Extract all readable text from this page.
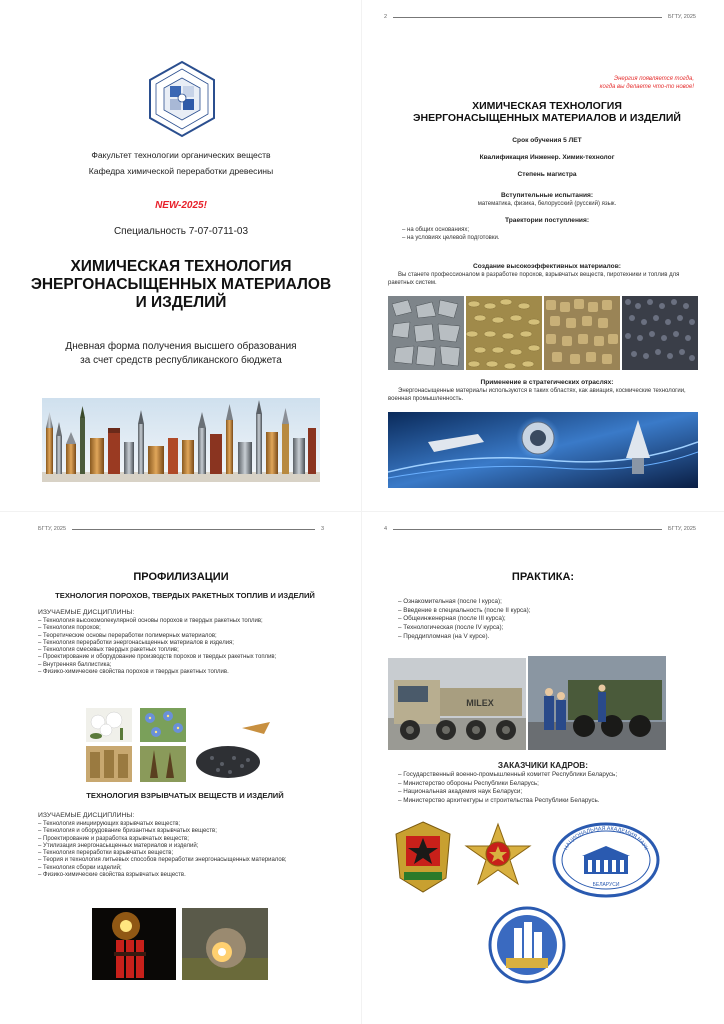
Факультет технологии органических веществ
Кафедра химической переработки древесины
NEW-2025!
Специальность 7-07-0711-03
ХИМИЧЕСКАЯ ТЕХНОЛОГИЯ
ЭНЕРГОНАСЫЩЕННЫХ МАТЕРИАЛОВ
И ИЗДЕЛИЙ
Дневная форма получения высшего образования
за счет средств республиканского бюджета
2	БГТУ, 2025
Энергия появляется тогда,
когда вы делаете что-то новое!
ХИМИЧЕСКАЯ ТЕХНОЛОГИЯ
ЭНЕРГОНАСЫЩЕННЫХ МАТЕРИАЛОВ И ИЗДЕЛИЙ
Срок обучения 5 ЛЕТ
Квалификация Инженер. Химик-технолог
Степень магистра
Вступительные испытания:
математика, физика, белорусский (русский) язык.
Траектории поступления:
– на общих основаниях;
– на условиях целевой подготовки.
Создание высокоэффективных материалов:
Вы станете профессионалом в разработке порохов, взрывчатых веществ, пиротехники и топлив для ракетных систем.
Применение в стратегических отраслях:
Энергонасыщенные материалы используются в таких областях, как авиация, космические технологии, военная промышленность.
БГТУ, 2025	3
ПРОФИЛИЗАЦИИ
ТЕХНОЛОГИЯ ПОРОХОВ, ТВЕРДЫХ РАКЕТНЫХ ТОПЛИВ И ИЗДЕЛИЙ
ИЗУЧАЕМЫЕ ДИСЦИПЛИНЫ:
– Технология высокомолекулярной основы порохов и твердых ракетных топлив;
– Технология порохов;
– Теоретические основы переработки полимерных материалов;
– Технология переработки энергонасыщенных материалов в изделия;
– Технология смесевых твердых ракетных топлив;
– Проектирование и оборудование производств порохов и твердых ракетных топлив;
– Внутренняя баллистика;
– Физико-химические свойства порохов и твердых ракетных топлив.
ТЕХНОЛОГИЯ ВЗРЫВЧАТЫХ ВЕЩЕСТВ И ИЗДЕЛИЙ
ИЗУЧАЕМЫЕ ДИСЦИПЛИНЫ:
– Технология инициирующих взрывчатых веществ;
– Технология и оборудование бризантных взрывчатых веществ;
– Проектирование и разработка взрывчатых веществ;
– Утилизация энергонасыщенных материалов и изделий;
– Технология переработки взрывчатых веществ;
– Теория и технология литьевых способов переработки энергонасыщенных материалов;
– Технология сборки изделий;
– Физико-химические свойства взрывчатых веществ.
4	БГТУ, 2025
ПРАКТИКА:
– Ознакомительная (после I курса);
– Введение в специальность (после II курса);
– Общеинженерная (после III курса);
– Технологическая (после IV курса);
– Преддипломная (на V курсе).
MILEX
ЗАКАЗЧИКИ КАДРОВ:
– Государственный военно-промышленный комитет Республики Беларусь;
– Министерство обороны Республики Беларусь;
– Национальная академия наук Беларуси;
– Министерство архитектуры и строительства Республики Беларусь.
НАЦИОНАЛЬНАЯ АКАДЕМИЯ НАУК
БЕЛАРУСИ
